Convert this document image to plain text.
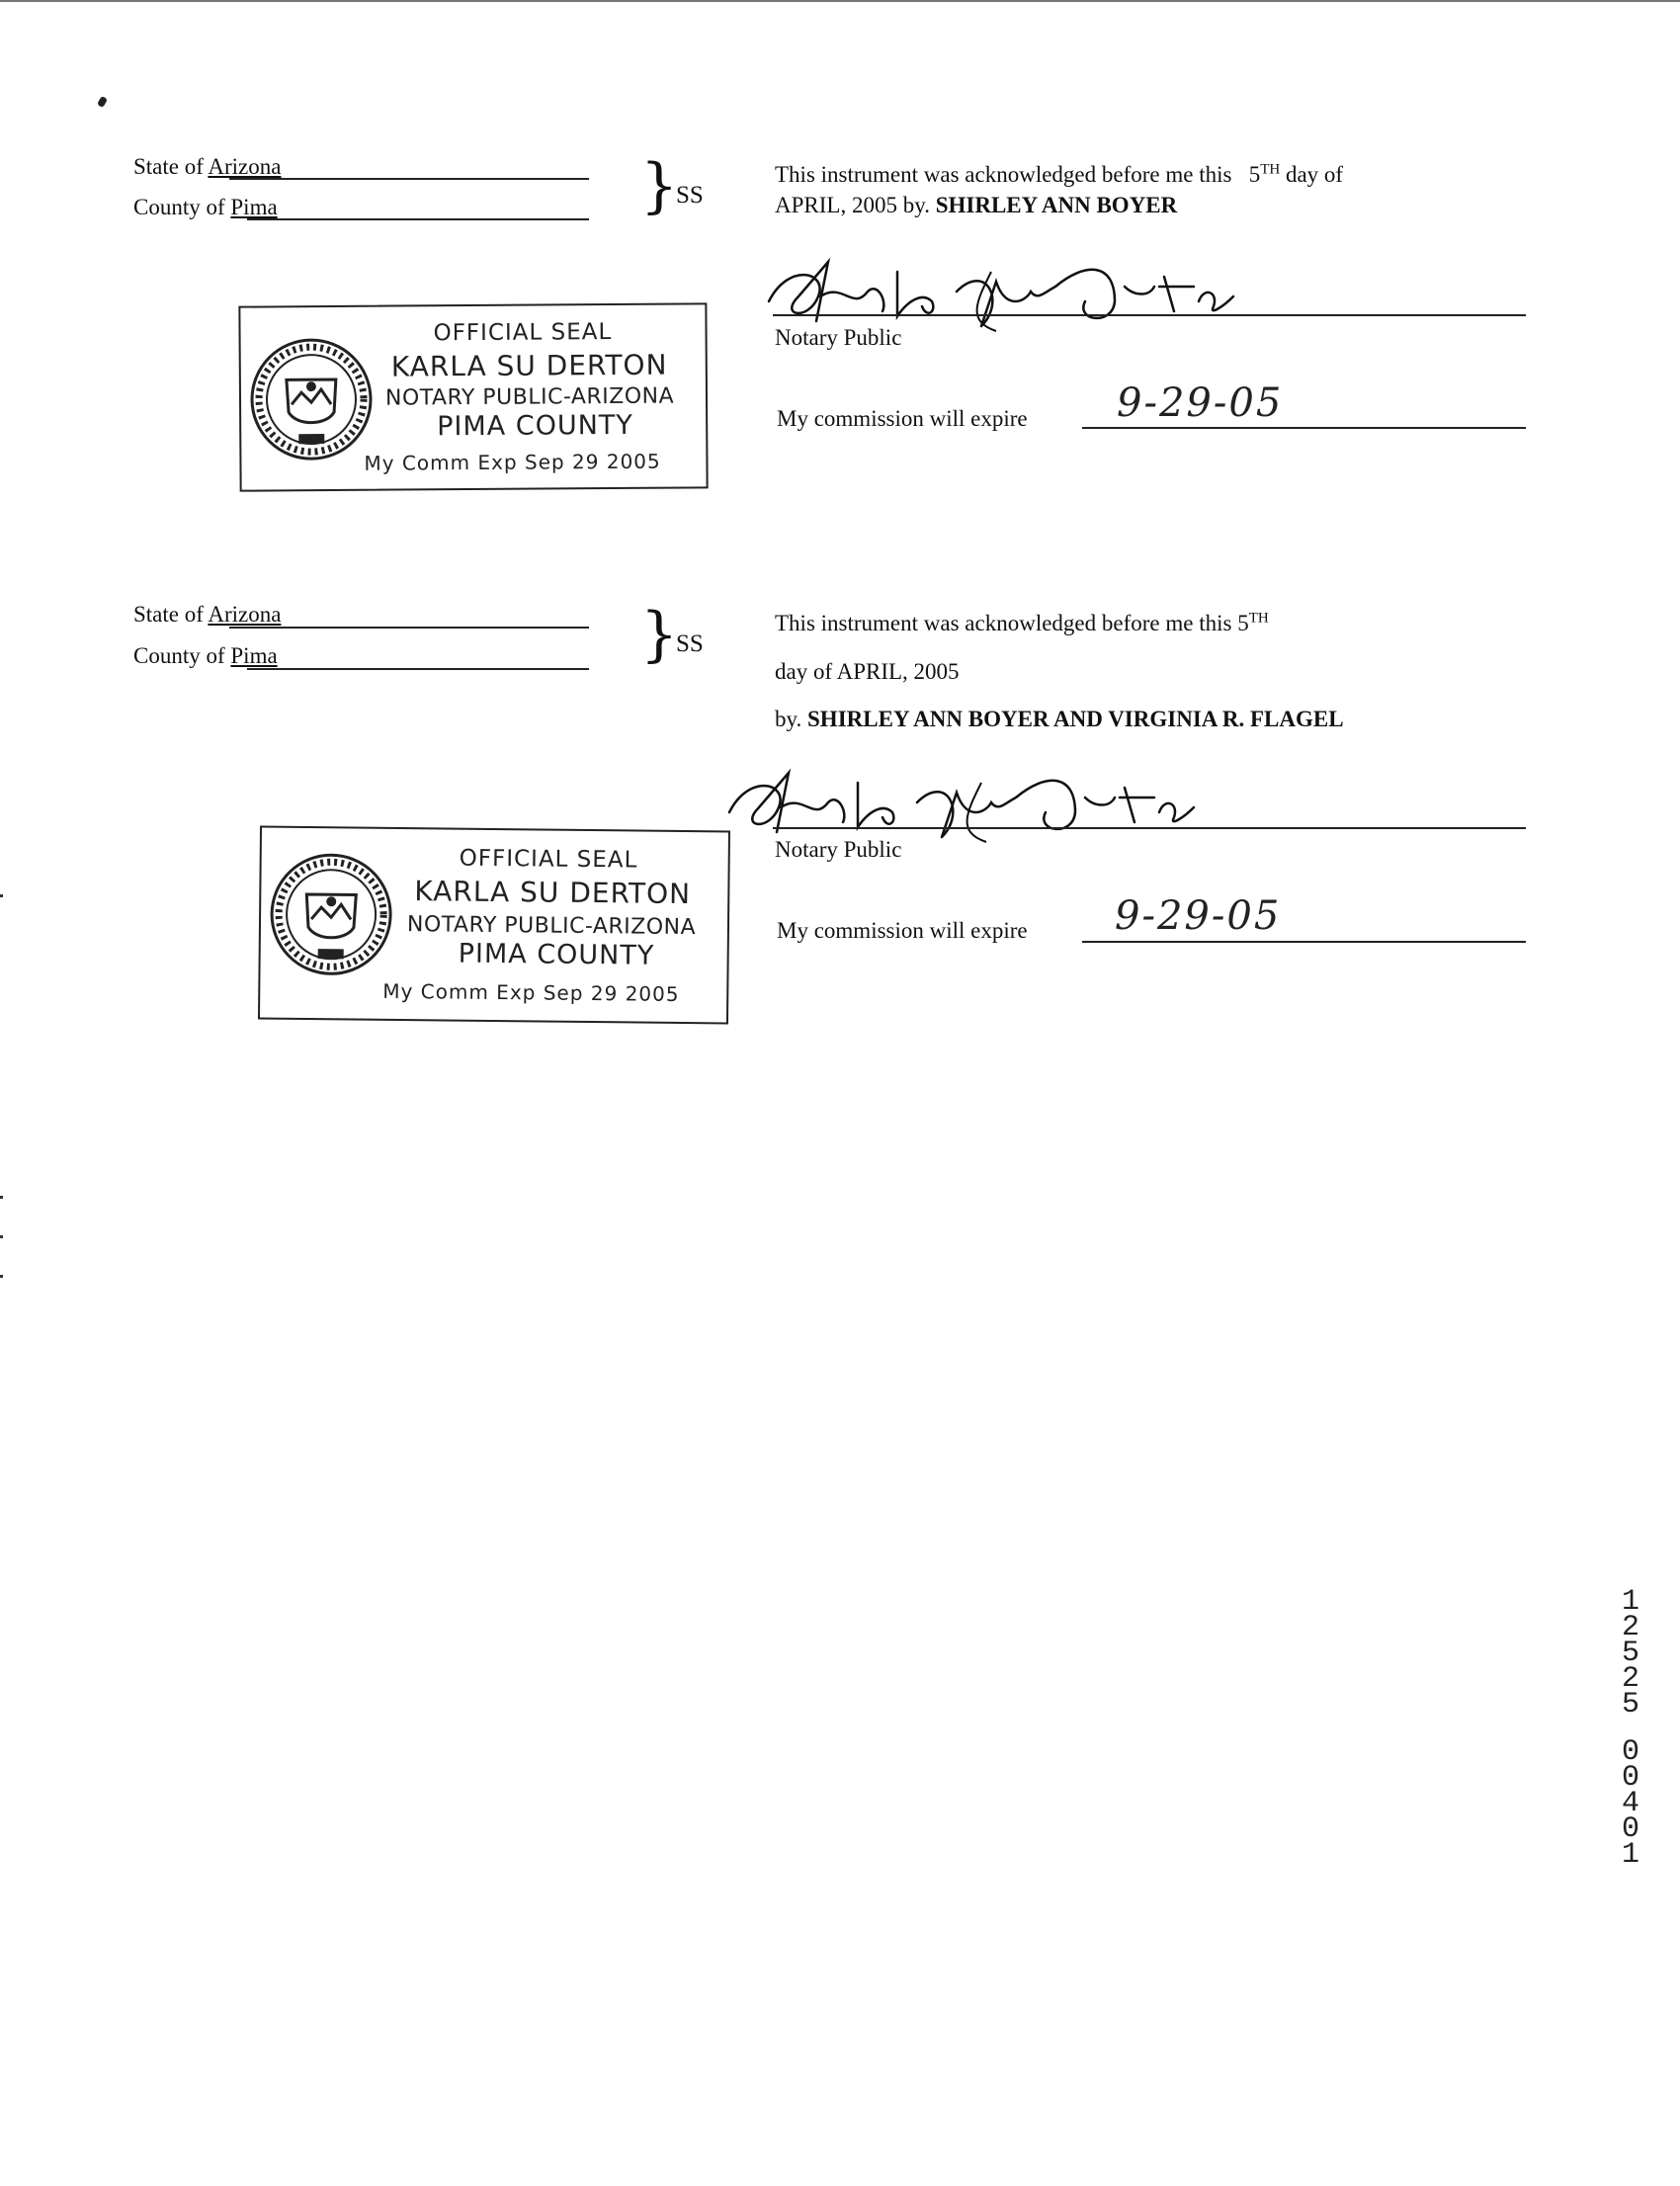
State of Arizona
County of Pima	}
SS
This instrument was acknowledged before me this 5TH day of
APRIL, 2005 by. SHIRLEY ANN BOYER
Notary Public
My commission will expire 9-29-05
OFFICIAL SEAL
KARLA SU DERTON
NOTARY PUBLIC-ARIZONA
PIMA COUNTY
My Comm Exp Sep 29 2005
State of Arizona
County of Pima	}
SS
This instrument was acknowledged before me this 5TH
day of APRIL, 2005
by. SHIRLEY ANN BOYER AND VIRGINIA R. FLAGEL
Notary Public
My commission will expire 9-29-05
OFFICIAL SEAL
KARLA SU DERTON
NOTARY PUBLIC-ARIZONA
PIMA COUNTY
My Comm Exp Sep 29 2005
1
2
5
2
5

0
0
4
0
1
